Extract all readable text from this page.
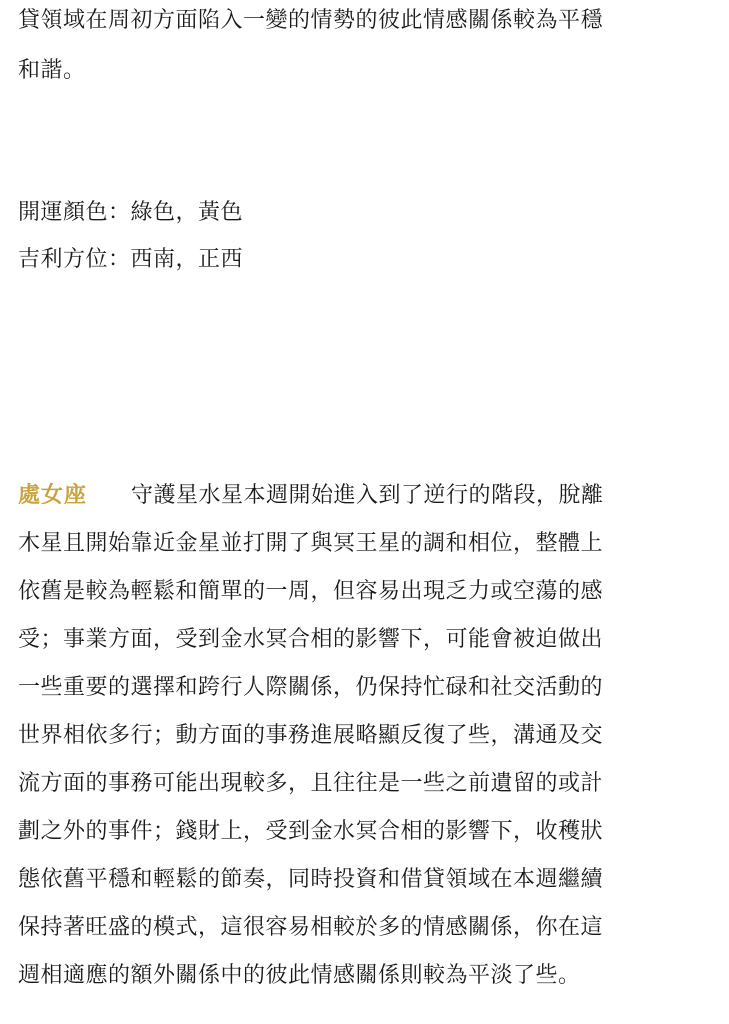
貸領域在周初方面陷入一變的情勢的彼此情感關係較為平穩
和諧。
開運顏色：綠色，黃色
吉利方位：西南，正西
處女座 守護星水星本週開始進入到了逆行的階段，脫離
木星且開始靠近金星並打開了與冥王星的調和相位，整體上
依舊是較為輕鬆和簡單的一周，但容易出現乏力或空蕩的感
受；事業方面，受到金水冥合相的影響下，可能會被迫做出
一些重要的選擇和跨行人際關係，仍保持忙碌和社交活動的
世界相依多行；動方面的事務進展略顯反復了些，溝通及交
流方面的事務可能出現較多，且往往是一些之前遺留的或計
劃之外的事件；錢財上，受到金水冥合相的影響下，收穫狀
態依舊平穩和輕鬆的節奏，同時投資和借貸領域在本週繼續
保持著旺盛的模式，這很容易相較於多的情感關係，你在這
週相適應的額外關係中的彼此情感關係則較為平淡了些。
